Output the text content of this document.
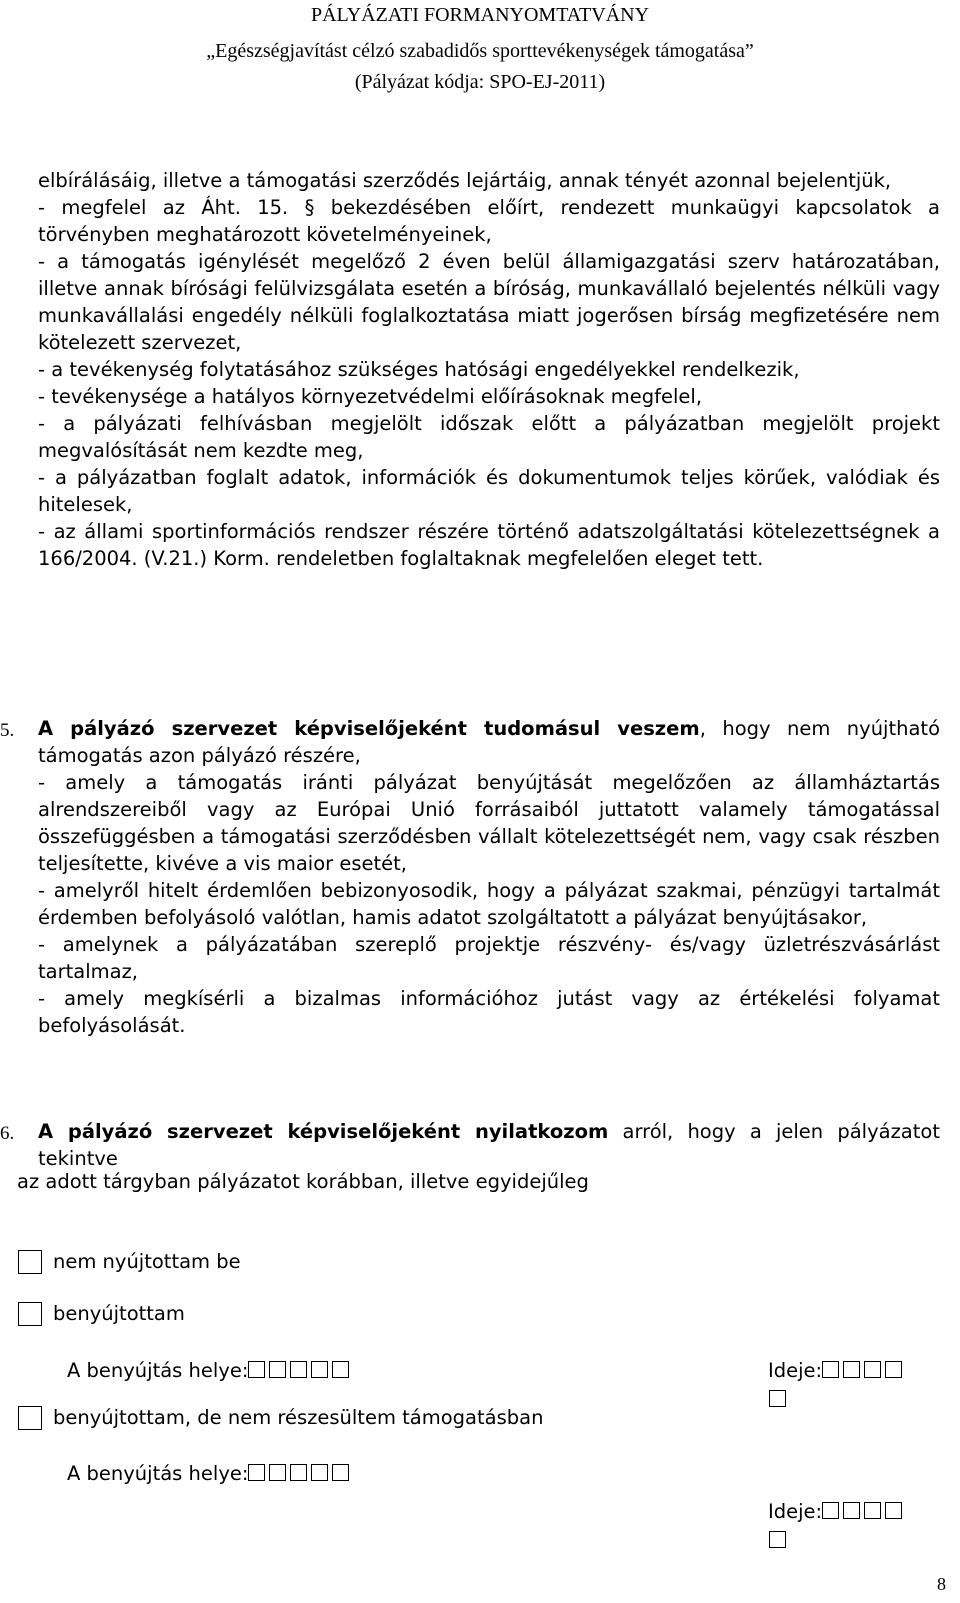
PÁLYÁZATI FORMANYOMTATVÁNY
„Egészségjavítást célzó szabadidős sporttevékenységek támogatása”
(Pályázat kódja: SPO-EJ-2011)
elbírálásáig, illetve a támogatási szerződés lejártáig, annak tényét azonnal bejelentjük,
- megfelel az Áht. 15. § bekezdésében előírt, rendezett munkaügyi kapcsolatok a törvényben meghatározott követelményeinek,
- a támogatás igénylését megelőző 2 éven belül államigazgatási szerv határozatában, illetve annak bírósági felülvizsgálata esetén a bíróság, munkavállaló bejelentés nélküli vagy munkavállalási engedély nélküli foglalkoztatása miatt jogerősen bírság megfizetésére nem kötelezett szervezet,
- a tevékenység folytatásához szükséges hatósági engedélyekkel rendelkezik,
- tevékenysége a hatályos környezetvédelmi előírásoknak megfelel,
- a pályázati felhívásban megjelölt időszak előtt a pályázatban megjelölt projekt megvalósítását nem kezdte meg,
- a pályázatban foglalt adatok, információk és dokumentumok teljes körűek, valódiak és hitelesek,
- az állami sportinformációs rendszer részére történő adatszolgáltatási kötelezettségnek a 166/2004. (V.21.) Korm. rendeletben foglaltaknak megfelelően eleget tett.
5. A pályázó szervezet képviselőjeként tudomásul veszem, hogy nem nyújtható támogatás azon pályázó részére,
- amely a támogatás iránti pályázat benyújtását megelőzően az államháztartás alrendszereiből vagy az Európai Unió forrásaiból juttatott valamely támogatással összefüggésben a támogatási szerződésben vállalt kötelezettségét nem, vagy csak részben teljesítette, kivéve a vis maior esetét,
- amelyről hitelt érdemlően bebizonyosodik, hogy a pályázat szakmai, pénzügyi tartalmát érdemben befolyásoló valótlan, hamis adatot szolgáltatott a pályázat benyújtásakor,
- amelynek a pályázatában szereplő projektje részvény- és/vagy üzletrészvásárlást tartalmaz,
- amely megkísérli a bizalmas információhoz jutást vagy az értékelési folyamat befolyásolását.
6. A pályázó szervezet képviselőjeként nyilatkozom arról, hogy a jelen pályázatot tekintve
az adott tárgyban pályázatot korábban, illetve egyidejűleg
nem nyújtottam be
benyújtottam
A benyújtás helye:	Ideje:
benyújtottam, de nem részesültem támogatásban
A benyújtás helye:
Ideje:
8
